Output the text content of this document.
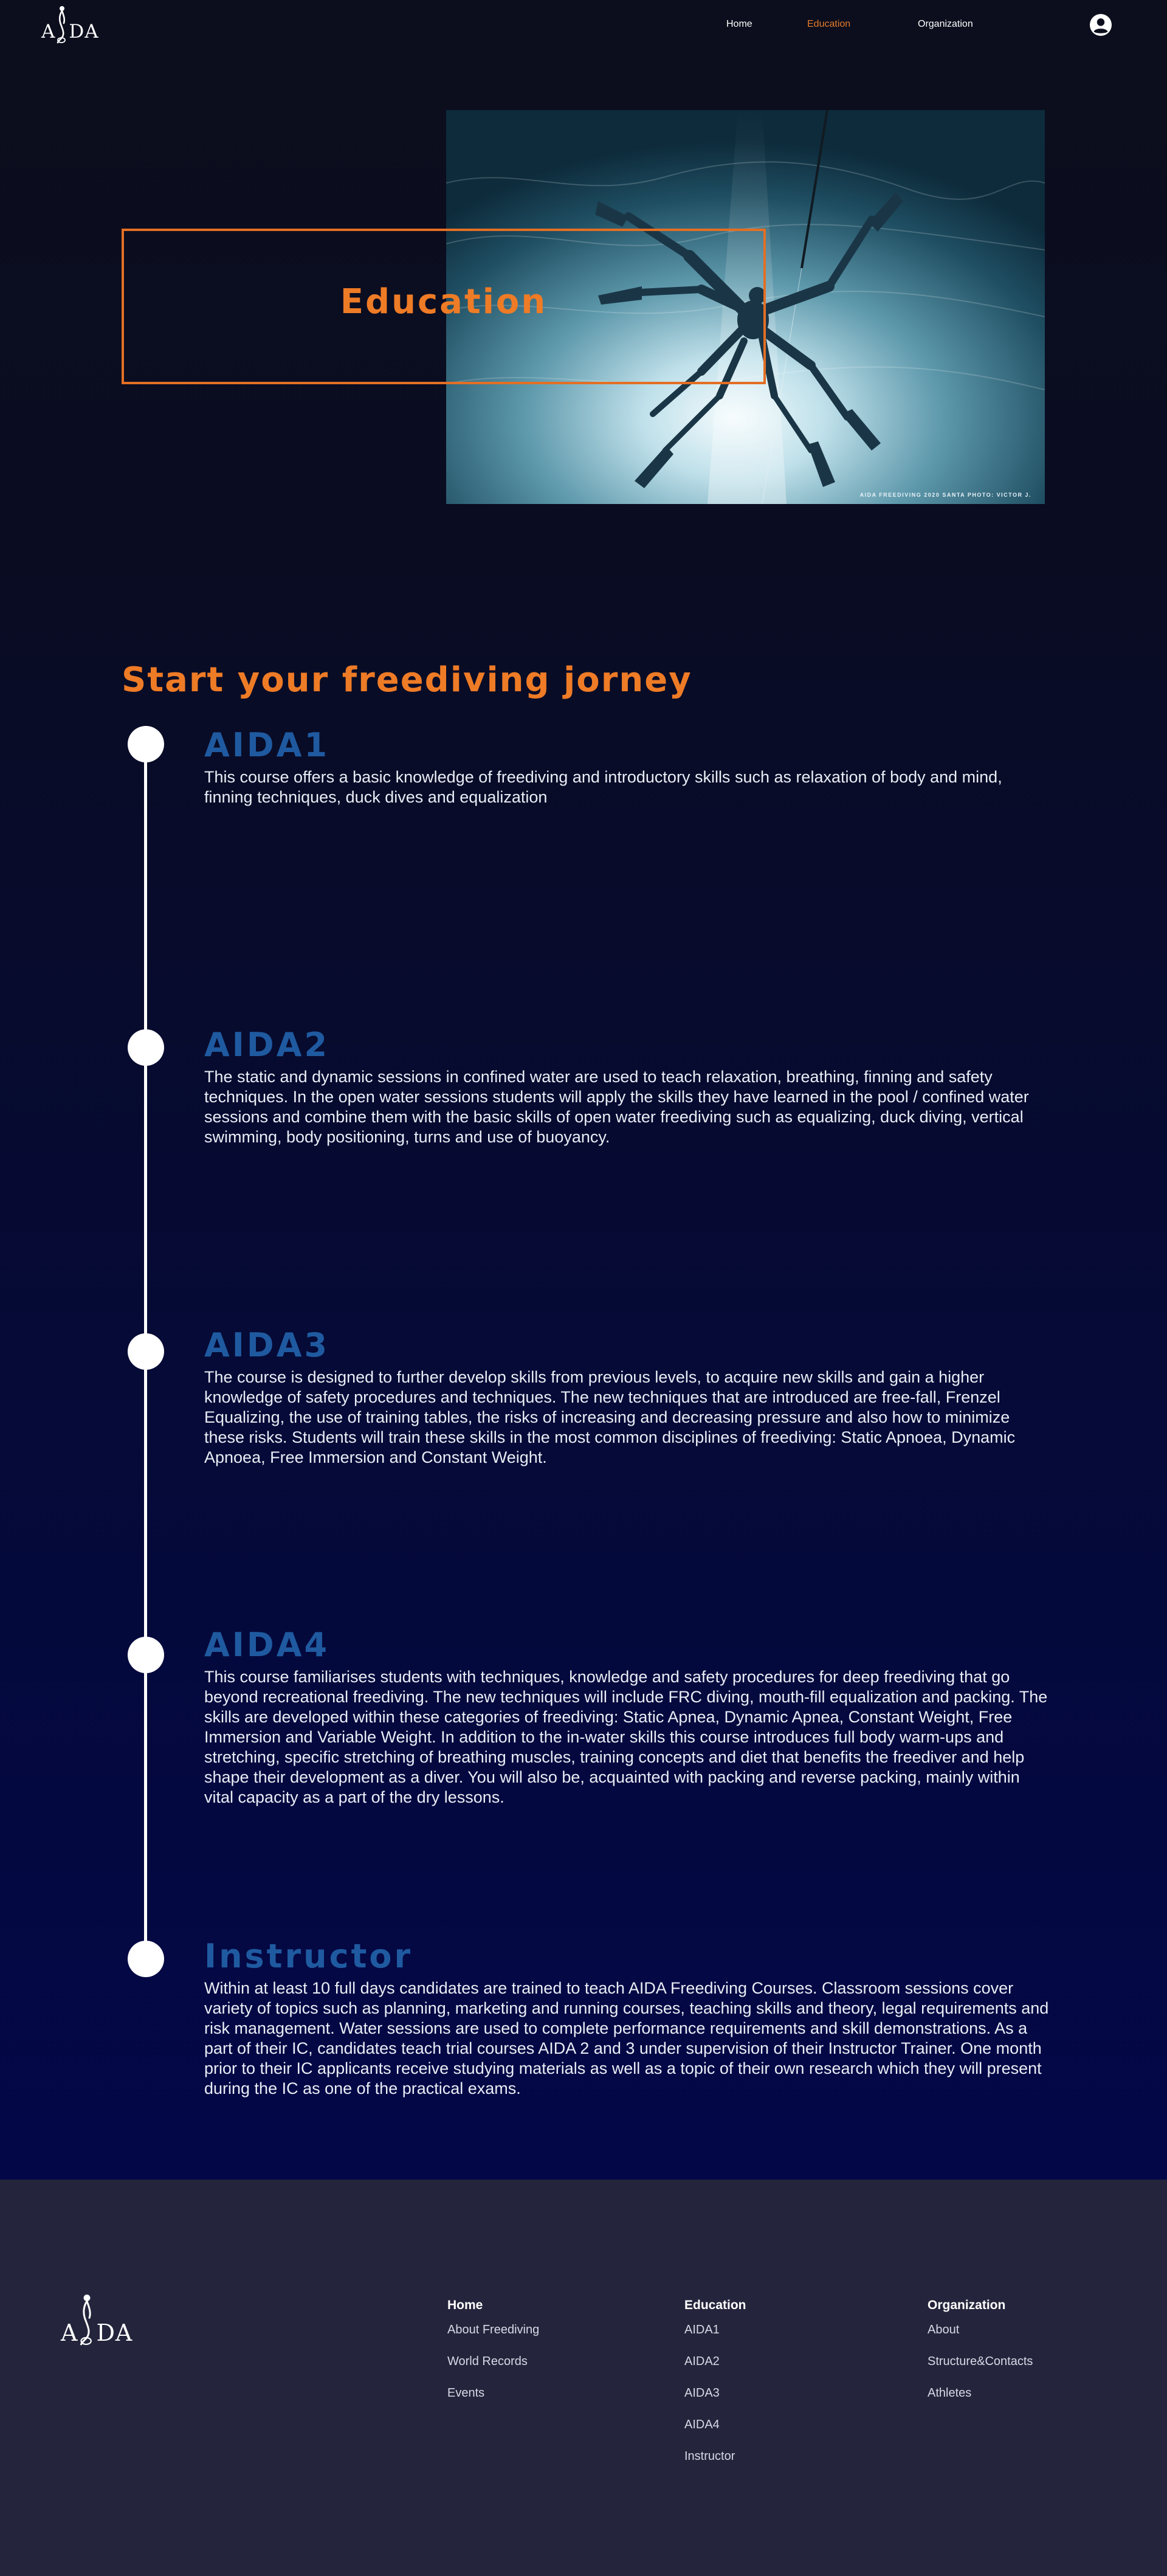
A DA	Home	Education	Organization
AIDA FREEDIVING 2020 SANTA PHOTO: VICTOR J.
Education
Start your freediving jorney
AIDA1

This course offers a basic knowledge of freediving and introductory skills such as relaxation of body and mind, finning techniques, duck dives and equalization

AIDA2

The static and dynamic sessions in confined water are used to teach relaxation, breathing, finning and safety techniques. In the open water sessions students will apply the skills they have learned in the pool / confined water sessions and combine them with the basic skills of open water freediving such as equalizing, duck diving, vertical swimming, body positioning, turns and use of buoyancy.

AIDA3

The course is designed to further develop skills from previous levels, to acquire new skills and gain a higher knowledge of safety procedures and techniques. The new techniques that are introduced are free-fall, Frenzel Equalizing, the use of training tables, the risks of increasing and decreasing pressure and also how to minimize these risks. Students will train these skills in the most common disciplines of freediving: Static Apnoea, Dynamic Apnoea, Free Immersion and Constant Weight.

AIDA4

This course familiarises students with techniques, knowledge and safety procedures for deep freediving that go beyond recreational freediving. The new techniques will include FRC diving, mouth-fill equalization and packing. The skills are developed within these categories of freediving: Static Apnea, Dynamic Apnea, Constant Weight, Free Immersion and Variable Weight. In addition to the in-water skills this course introduces full body warm-ups and stretching, specific stretching of breathing muscles, training concepts and diet that benefits the freediver and help shape their development as a diver. You will also be, acquainted with packing and reverse packing, mainly within vital capacity as a part of the dry lessons.

Instructor

Within at least 10 full days candidates are trained to teach AIDA Freediving Courses. Classroom sessions cover variety of topics such as planning, marketing and running courses, teaching skills and theory, legal requirements and risk management. Water sessions are used to complete performance requirements and skill demonstrations. As a part of their IC, candidates teach trial courses AIDA 2 and 3 under supervision of their Instructor Trainer. One month prior to their IC applicants receive studying materials as well as a topic of their own research which they will present during the IC as one of the practical exams.

A DA
Home
About Freediving
World Records
Events
Education
AIDA1
AIDA2
AIDA3
AIDA4
Instructor
Organization
About
Structure&Contacts
Athletes
